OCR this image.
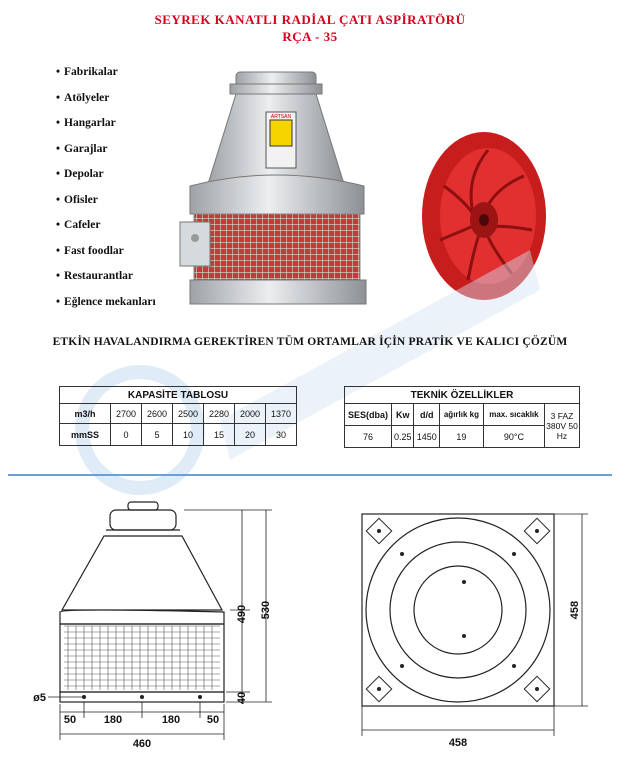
SEYREK KANATLI RADİAL ÇATI ASPİRATÖRÜ
RÇA - 35
• Fabrikalar
• Atölyeler
• Hangarlar
• Garajlar
• Depolar
• Ofisler
• Cafeler
• Fast foodlar
• Restaurantlar
• Eğlence mekanları
ARTSAN
ETKİN HAVALANDIRMA GEREKTİREN TÜM ORTAMLAR İÇİN PRATİK VE KALICI ÇÖZÜM
KAPASİTE TABLOSU						
m3/h	2700	2600	2500	2280	2000	1370
mmSS	0	5	10	15	20	30
TEKNİK ÖZELLİKLER					
SES(dba)	Kw	d/d	ağırlık kg	max. sıcaklık	3 FAZ 380V 50 Hz
76	0.25	1450	19	90°C	
490 530
40
ø5
50	180	180 50
460
458
458
